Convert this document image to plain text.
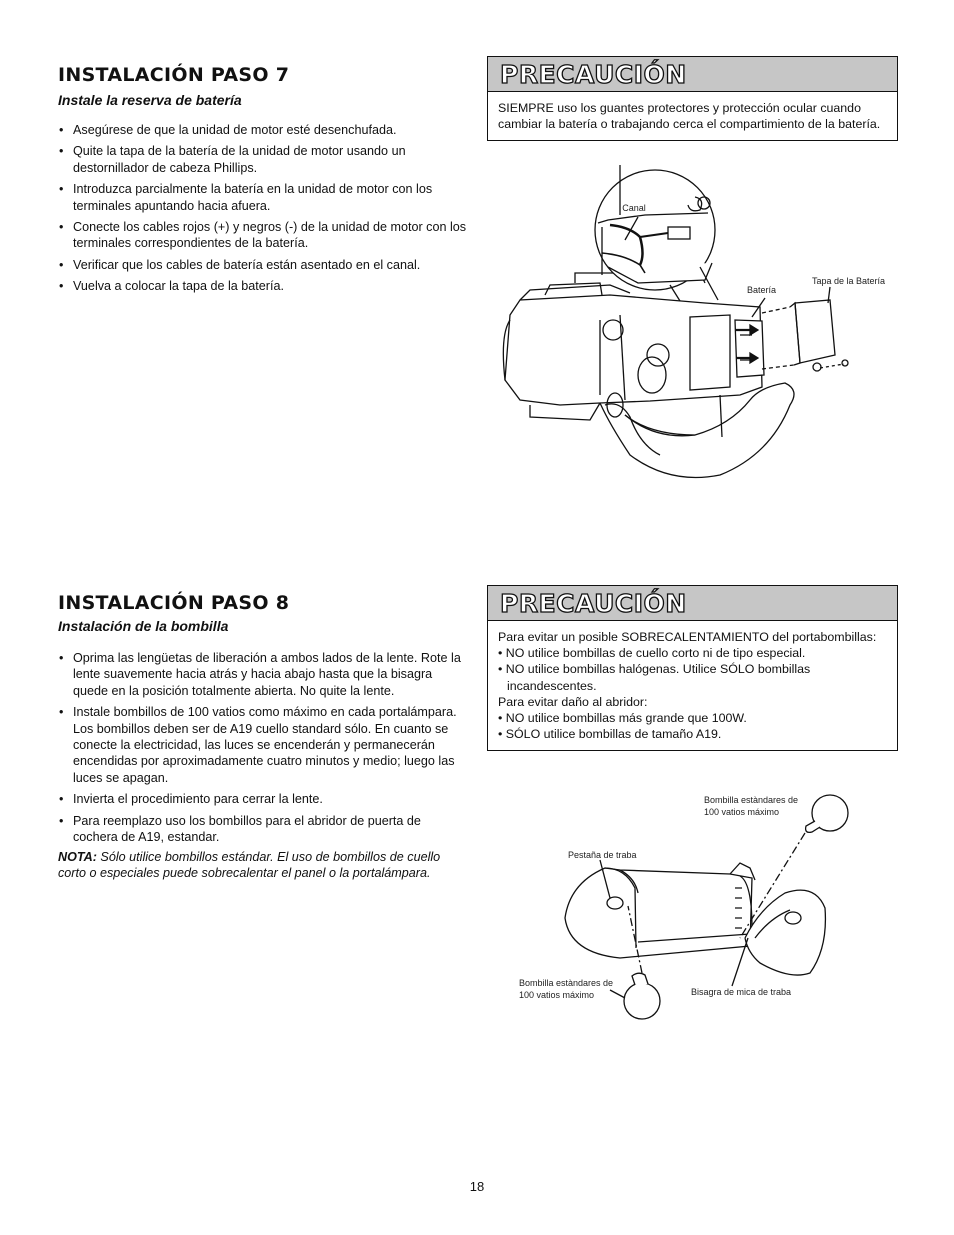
INSTALACIÓN PASO 7
Instale la reserva de batería
• Asegúrese de que la unidad de motor esté desenchufada.
• Quite la tapa de la batería de la unidad de motor usando un destornillador de cabeza Phillips.
• Introduzca parcialmente la batería en la unidad de motor con los terminales apuntando hacia afuera.
• Conecte los cables rojos (+) y negros (-) de la unidad de motor con los terminales correspondientes de la batería.
• Verificar que los cables de batería están asentado en el canal.
• Vuelva a colocar la tapa de la batería.
PRECAUCIÓN

SIEMPRE uso los guantes protectores y protección ocular cuando cambiar la batería o trabajando cerca el compartimiento de la batería.

Canal
Batería
Tapa de la Batería
INSTALACIÓN PASO 8
Instalación de la bombilla
• Oprima las lengüetas de liberación a ambos lados de la lente. Rote la lente suavemente hacia atrás y hacia abajo hasta que la bisagra quede en la posición totalmente abierta. No quite la lente.
• Instale bombillos de 100 vatios como máximo en cada portalámpara. Los bombillos deben ser de A19 cuello standard sólo. En cuanto se conecte la electricidad, las luces se encenderán y permanecerán encendidas por aproximadamente cuatro minutos y medio; luego las luces se apagan.
• Invierta el procedimiento para cerrar la lente.
• Para reemplazo uso los bombillos para el abridor de puerta de cochera de A19, estandar.

NOTA: Sólo utilice bombillos estándar. El uso de bombillos de cuello corto o especiales puede sobrecalentar el panel o la portalámpara.

PRECAUCIÓN

Para evitar un posible SOBRECALENTAMIENTO del portabombillas:

• NO utilice bombillas de cuello corto ni de tipo especial.

• NO utilice bombillas halógenas. Utilice SÓLO bombillas

incandescentes.

Para evitar daño al abridor:

• NO utilice bombillas más grande que 100W.

• SÓLO utilice bombillas de tamaño A19.

Bombilla estàndares de
100 vatios máximo
Pestaña de traba
Bombilla estàndares de
100 vatios máximo	Bisagra de mica de traba
18
